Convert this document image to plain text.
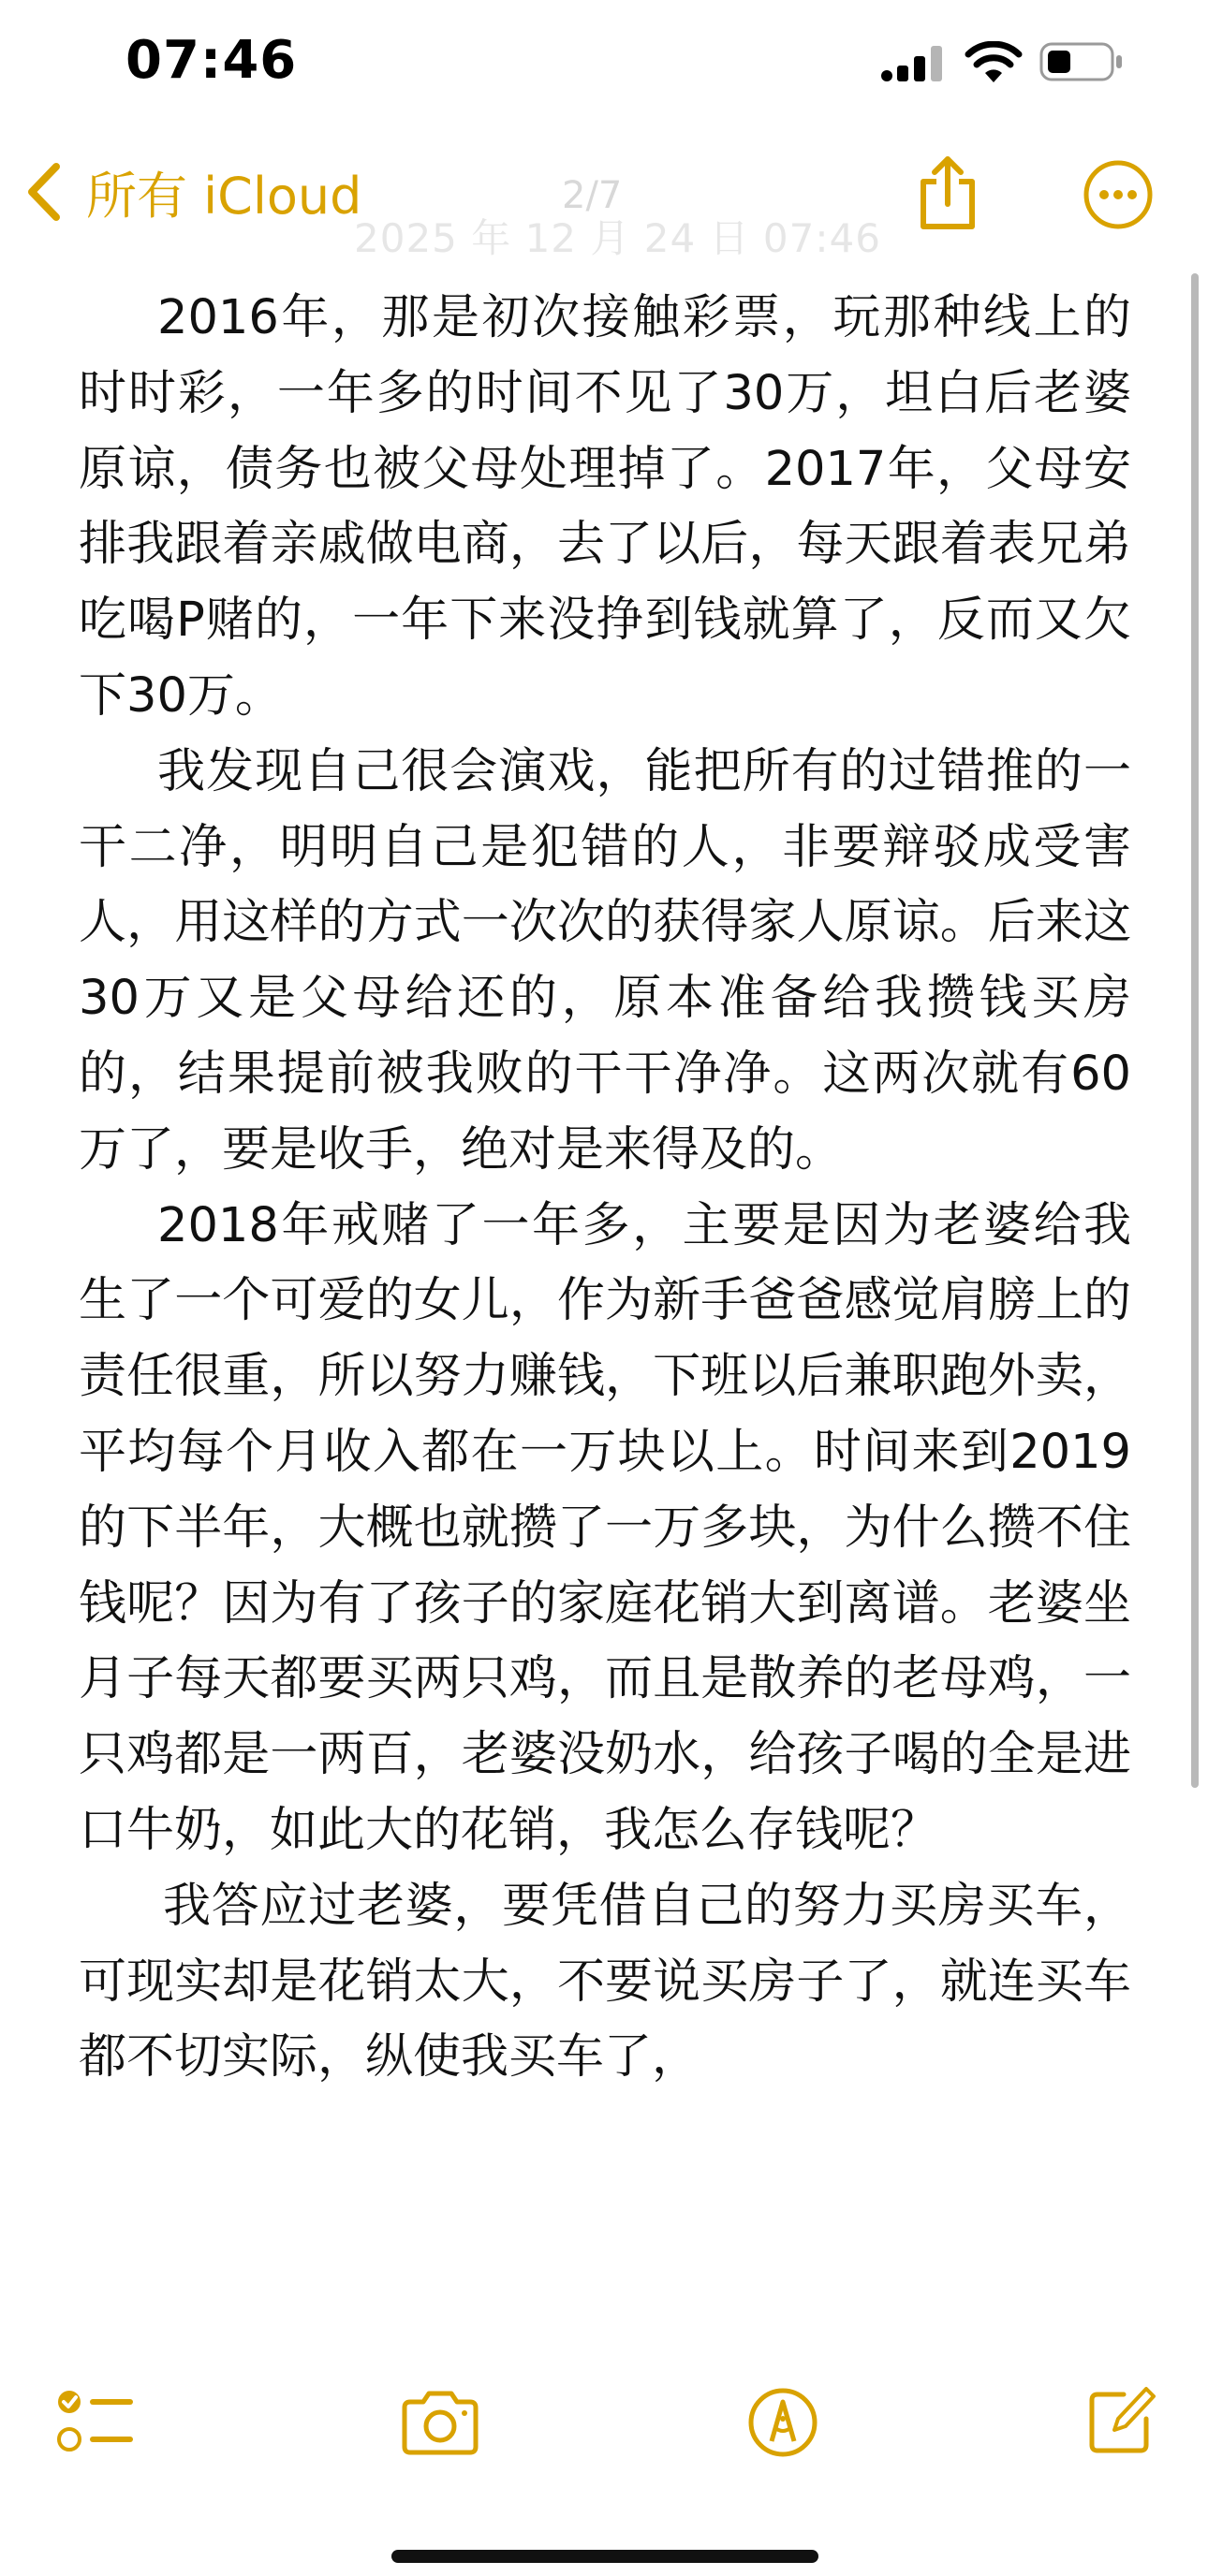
07:46
所有 iCloud	2/7
2025 年 12 月 24 日 07:46

2016年，那是初次接触彩票，玩那种线上的时时彩，一年多的时间不见了30万，坦白后老婆原谅，债务也被父母处理掉了。2017年，父母安排我跟着亲戚做电商，去了以后，每天跟着表兄弟吃喝P赌的，一年下来没挣到钱就算了，反而又欠下30万。

我发现自己很会演戏，能把所有的过错推的一干二净，明明自己是犯错的人，非要辩驳成受害人，用这样的方式一次次的获得家人原谅。后来这30万又是父母给还的，原本准备给我攒钱买房的，结果提前被我败的干干净净。这两次就有60万了，要是收手，绝对是来得及的。

2018年戒赌了一年多，主要是因为老婆给我生了一个可爱的女儿，作为新手爸爸感觉肩膀上的责任很重，所以努力赚钱，下班以后兼职跑外卖，平均每个月收入都在一万块以上。时间来到2019的下半年，大概也就攒了一万多块，为什么攒不住钱呢？因为有了孩子的家庭花销大到离谱。老婆坐月子每天都要买两只鸡，而且是散养的老母鸡，一只鸡都是一两百，老婆没奶水，给孩子喝的全是进口牛奶，如此大的花销，我怎么存钱呢？

我答应过老婆，要凭借自己的努力买房买车，可现实却是花销太大，不要说买房子了，就连买车都不切实际，纵使我买车了，
